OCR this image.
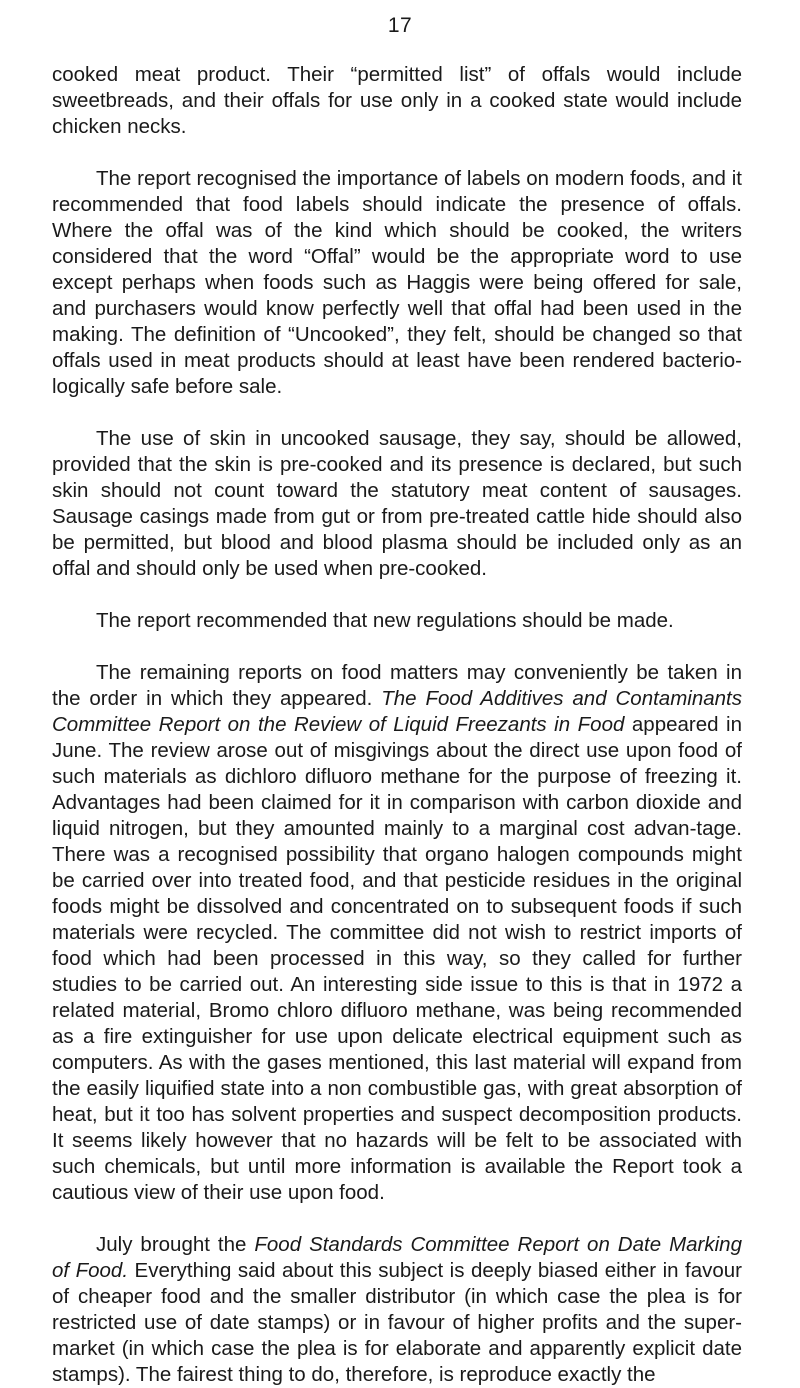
17

cooked meat product. Their “permitted list” of offals would include sweetbreads, and their offals for use only in a cooked state would include chicken necks.

The report recognised the importance of labels on modern foods, and it recommended that food labels should indicate the presence of offals. Where the offal was of the kind which should be cooked, the writers considered that the word “Offal” would be the appropriate word to use except perhaps when foods such as Haggis were being offered for sale, and purchasers would know perfectly well that offal had been used in the making. The definition of “Uncooked”, they felt, should be changed so that offals used in meat products should at least have been rendered bacterio-logically safe before sale.

The use of skin in uncooked sausage, they say, should be allowed, provided that the skin is pre-cooked and its presence is declared, but such skin should not count toward the statutory meat content of sausages. Sausage casings made from gut or from pre-treated cattle hide should also be permitted, but blood and blood plasma should be included only as an offal and should only be used when pre-cooked.

The report recommended that new regulations should be made.

The remaining reports on food matters may conveniently be taken in the order in which they appeared. The Food Additives and Contaminants Committee Report on the Review of Liquid Freezants in Food appeared in June. The review arose out of misgivings about the direct use upon food of such materials as dichloro difluoro methane for the purpose of freezing it. Advantages had been claimed for it in comparison with carbon dioxide and liquid nitrogen, but they amounted mainly to a marginal cost advan-tage. There was a recognised possibility that organo halogen compounds might be carried over into treated food, and that pesticide residues in the original foods might be dissolved and concentrated on to subsequent foods if such materials were recycled. The committee did not wish to restrict imports of food which had been processed in this way, so they called for further studies to be carried out. An interesting side issue to this is that in 1972 a related material, Bromo chloro difluoro methane, was being recommended as a fire extinguisher for use upon delicate electrical equipment such as computers. As with the gases mentioned, this last material will expand from the easily liquified state into a non combustible gas, with great absorption of heat, but it too has solvent properties and suspect decomposition products. It seems likely however that no hazards will be felt to be associated with such chemicals, but until more information is available the Report took a cautious view of their use upon food.

July brought the Food Standards Committee Report on Date Marking of Food. Everything said about this subject is deeply biased either in favour of cheaper food and the smaller distributor (in which case the plea is for restricted use of date stamps) or in favour of higher profits and the super-market (in which case the plea is for elaborate and apparently explicit date stamps). The fairest thing to do, therefore, is reproduce exactly the
